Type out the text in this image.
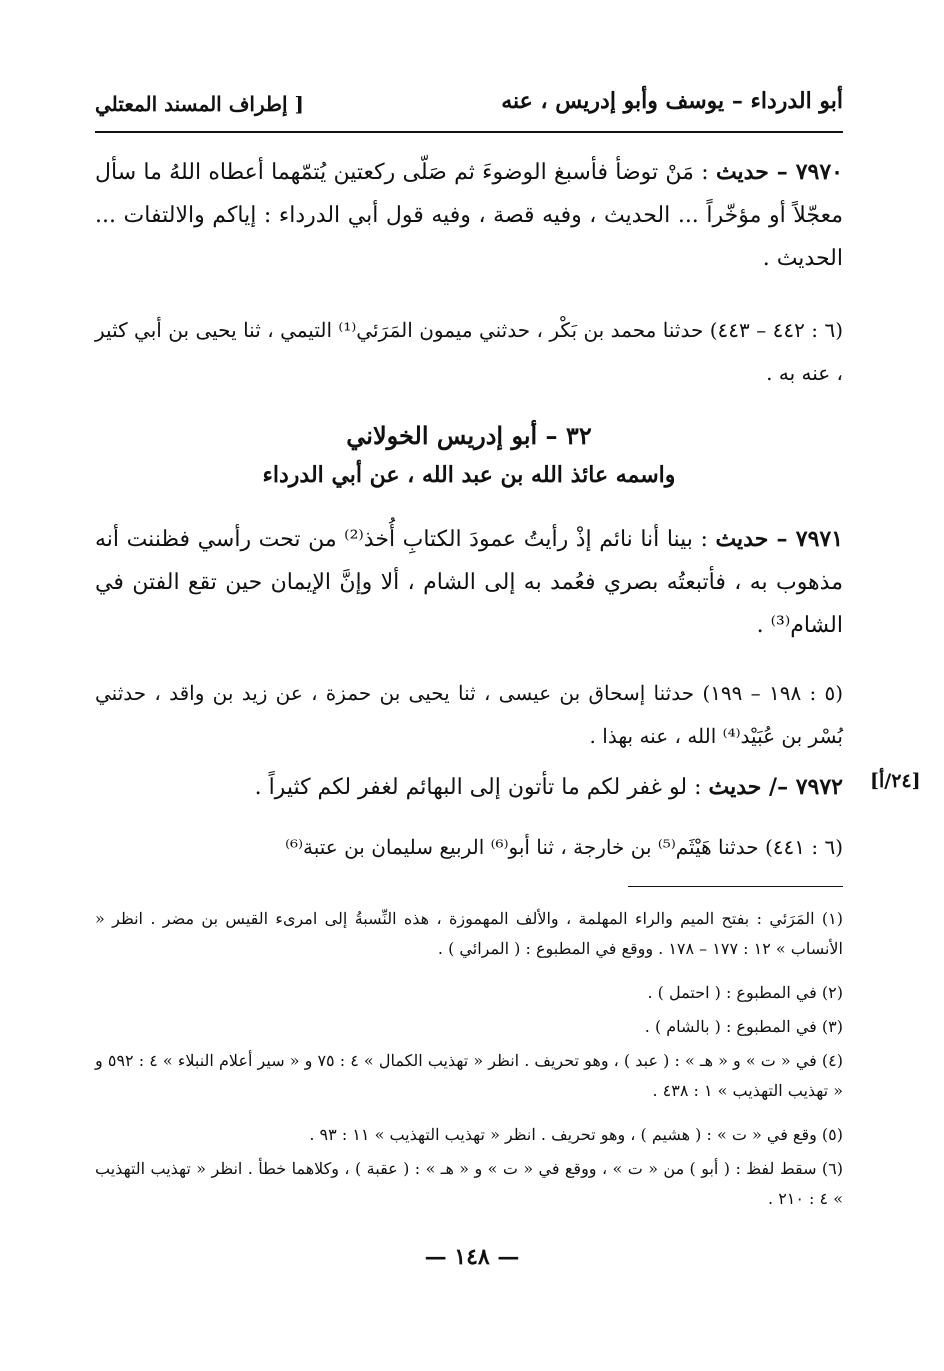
أبو الدرداء – يوسف وأبو إدريس ، عنه
[ إطراف المسند المعتلي
٧٩٧٠ – حديث : مَنْ توضأ فأسبغ الوضوءَ ثم صَلّى ركعتين يُتمّهما أعطاه اللهُ ما سأل معجّلاً أو مؤخّراً ... الحديث ، وفيه قصة ، وفيه قول أبي الدرداء : إياكم والالتفات ... الحديث .
(٦ : ٤٤٢ – ٤٤٣) حدثنا محمد بن بَكْر ، حدثني ميمون المَرَئي⁽¹⁾ التيمي ، ثنا يحيى بن أبي كثير ، عنه به .
٣٢ – أبو إدريس الخولاني
واسمه عائذ الله بن عبد الله ، عن أبي الدرداء
٧٩٧١ – حديث : بينا أنا نائم إذْ رأيتُ عمودَ الكتابِ أُخذ⁽²⁾ من تحت رأسي فظننت أنه مذهوب به ، فأتبعتُه بصري فعُمد به إلى الشام ، ألا وإنَّ الإيمان حين تقع الفتن في الشام⁽³⁾ .
(٥ : ١٩٨ – ١٩٩) حدثنا إسحاق بن عيسى ، ثنا يحيى بن حمزة ، عن زيد بن واقد ، حدثني بُسْر بن عُبَيْد⁽⁴⁾ الله ، عنه بهذا .
[٢٤/أ]
٧٩٧٢ –/ حديث : لو غفر لكم ما تأتون إلى البهائم لغفر لكم كثيراً .
(٦ : ٤٤١) حدثنا هَيْثَم⁽⁵⁾ بن خارجة ، ثنا أبو⁽⁶⁾ الربيع سليمان بن عتبة⁽⁶⁾
(١) المَرَئي : بفتح الميم والراء المهلمة ، والألف المهموزة ، هذه النِّسبةُ إلى امرىء القيس بن مضر . انظر « الأنساب » ١٢ : ١٧٧ – ١٧٨ . ووقع في المطبوع : ( المرائي ) .
(٢) في المطبوع : ( احتمل ) .
(٣) في المطبوع : ( بالشام ) .
(٤) في « ت » و « هـ » : ( عبد ) ، وهو تحريف . انظر « تهذيب الكمال » ٤ : ٧٥ و « سير أعلام النبلاء » ٤ : ٥٩٢ و « تهذيب التهذيب » ١ : ٤٣٨ .
(٥) وقع في « ت » : ( هشيم ) ، وهو تحريف . انظر « تهذيب التهذيب » ١١ : ٩٣ .
(٦) سقط لفظ : ( أبو ) من « ت » ، ووقع في « ت » و « هـ » : ( عقبة ) ، وكلاهما خطأ . انظر « تهذيب التهذيب » ٤ : ٢١٠ .
— ١٤٨ —
